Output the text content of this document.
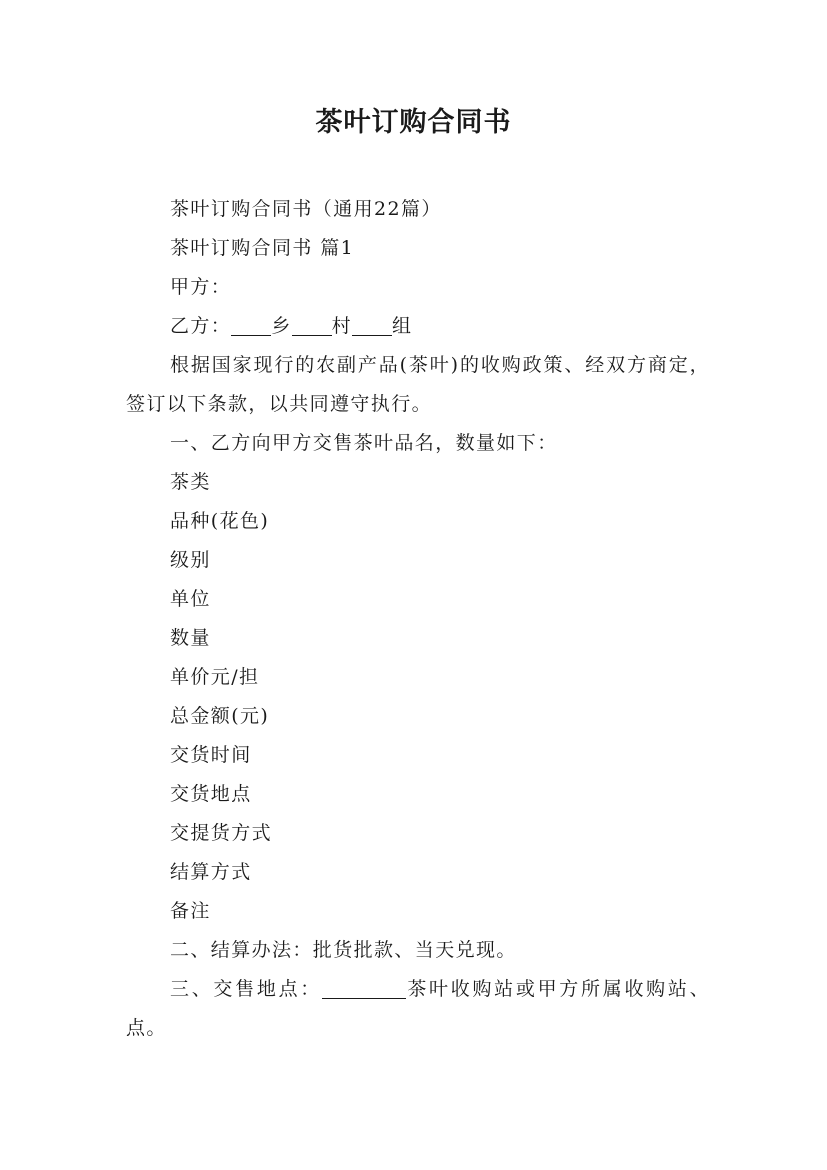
茶叶订购合同书

茶叶订购合同书（通用22篇）

茶叶订购合同书 篇1

甲方：

乙方： 乡 村 组

根据国家现行的农副产品(茶叶)的收购政策、经双方商定，签订以下条款，以共同遵守执行。

一、乙方向甲方交售茶叶品名，数量如下：

茶类

品种(花色)

级别

单位

数量

单价元/担

总金额(元)

交货时间

交货地点

交提货方式

结算方式

备注

二、结算办法：批货批款、当天兑现。

三、交售地点：	茶叶收购站或甲方所属收购站、点。
